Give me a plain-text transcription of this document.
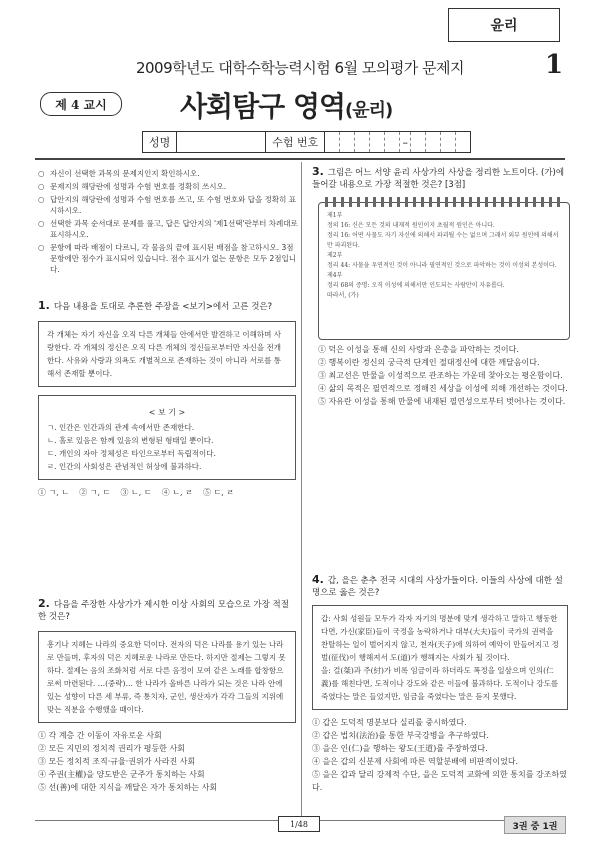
윤리
2009학년도 대학수학능력시험 6월 모의평가 문제지	1
제 4 교시	사회탐구 영역(윤리)
성명	수험 번호	–
○ 자신이 선택한 과목의 문제지인지 확인하시오.
○ 문제지의 해당란에 성명과 수험 번호를 정확히 쓰시오.
○ 답안지의 해당란에 성명과 수험 번호를 쓰고, 또 수험 번호와 답을 정확히 표시하시오.
○ 선택한 과목 순서대로 문제를 풀고, 답은 답안지의 '제1선택'란부터 차례대로 표시하시오.
○ 문항에 따라 배점이 다르니, 각 물음의 끝에 표시된 배점을 참고하시오. 3점 문항에만 점수가 표시되어 있습니다. 점수 표시가 없는 문항은 모두 2점입니다.
1. 다음 내용을 토대로 추론한 주장을 <보기>에서 고른 것은?
각 개체는 자기 자신을 오직 다른 개체들 안에서만 발견하고 이해하며 사랑한다. 각 개체의 정신은 오직 다른 개체의 정신들로부터만 자신을 전개한다. 사유와 사랑과 의욕도 개별적으로 존재하는 것이 아니라 서로를 통해서 존재할 뿐이다.
< 보 기 >
ㄱ. 인간은 인간과의 관계 속에서만 존재한다.
ㄴ. 홀로 있음은 함께 있음의 변형된 형태일 뿐이다.
ㄷ. 개인의 자아 정체성은 타인으로부터 독립적이다.
ㄹ. 인간의 사회성은 관념적인 허상에 불과하다.
① ㄱ, ㄴ    ② ㄱ, ㄷ    ③ ㄴ, ㄷ    ④ ㄴ, ㄹ    ⑤ ㄷ, ㄹ
2. 다음을 주장한 사상가가 제시한 이상 사회의 모습으로 가장 적절한 것은?
흥기나 지혜는 나라의 중요한 덕이다. 전자의 덕은 나라를 용기 있는 나라로 만들며, 후자의 덕은 지혜로운 나라로 만든다. 하지만 절제는 그렇지 못하다. 절제는 음의 조화처럼 서로 다른 음정이 모여 같은 노래를 합창함으로써 마련된다. …(중략)… 한 나라가 올바른 나라가 되는 것은 나라 안에 있는 성향이 다른 세 부류, 즉 통치자, 군인, 생산자가 각각 그들의 지위에 맞는 직분을 수행했을 때이다.
① 각 계층 간 이동이 자유로운 사회
② 모든 지민의 정치적 권리가 평등한 사회
③ 모든 정치적 조직·규율·권위가 사라진 사회
④ 주권(主權)을 양도받은 군주가 통치하는 사회
⑤ 선(善)에 대한 지식을 깨달은 자가 통치하는 사회
3. 그림은 어느 서양 윤리 사상가의 사상을 정리한 노트이다. (가)에 들어갈 내용으로 가장 적절한 것은? [3점]
제1부
정의 16: 신은 모든 것의 내재적 원인이지 초월적 원인은 아니다.
정리 16: 어떤 사물도 자기 자신에 의해서 파괴될 수는 없으며 그래서 외부 원인에 의해서만 파괴된다.
제2부
정리 44: 사물을 우연적인 것이 아니라 필연적인 것으로 파악하는 것이 이성의 본성이다.
제4부
정리 68의 증명: 오직 이성에 의해서만 인도되는 사람만이 자유롭다.
따라서, (가)
① 덕은 이성을 통해 신의 사랑과 은총을 파악하는 것이다.
② 행복이란 정신의 궁극적 단계인 절대정신에 대한 깨달음이다.
③ 최고선은 만물을 이성적으로 관조하는 가운데 찾아오는 평온함이다.
④ 삶의 목적은 필연적으로 정해진 세상을 이성에 의해 개선하는 것이다.
⑤ 자유란 이성을 통해 만물에 내재된 필연성으로부터 벗어나는 것이다.
4. 갑, 을은 춘추 전국 시대의 사상가들이다. 이들의 사상에 대한 설명으로 옳은 것은?
갑: 사회 성원들 모두가 각자 자기의 명분에 맞게 생각하고 말하고 행동한다면, 가신(家臣)들이 국정을 농락하거나 대부(大夫)들이 국가의 권력을 찬탈하는 일이 벌어지지 않고, 천자(天子)에 의하여 예악이 만들어지고 정벌(征伐)이 행해져서 도(道)가 행해지는 사회가 될 것이다.
을: 걸(桀)과 주(紂)가 비록 임금이라 하더라도 폭정을 일삼으며 인의(仁義)를 해친다면, 도적이나 강도와 같은 이들에 불과하다. 도적이나 강도를 죽였다는 말은 들었지만, 임금을 죽였다는 말은 듣지 못했다.
① 갑은 도덕적 명분보다 실리를 중시하였다.
② 갑은 법치(法治)를 통한 부국강병을 추구하였다.
③ 을은 인(仁)을 행하는 왕도(王道)를 주장하였다.
④ 을은 갑의 신분제 사회에 따른 역할분배에 비판적이었다.
⑤ 을은 갑과 달리 강제적 수단, 을은 도덕적 교화에 의한 통치를 강조하였다.
1 / 48	3권 중 1권
